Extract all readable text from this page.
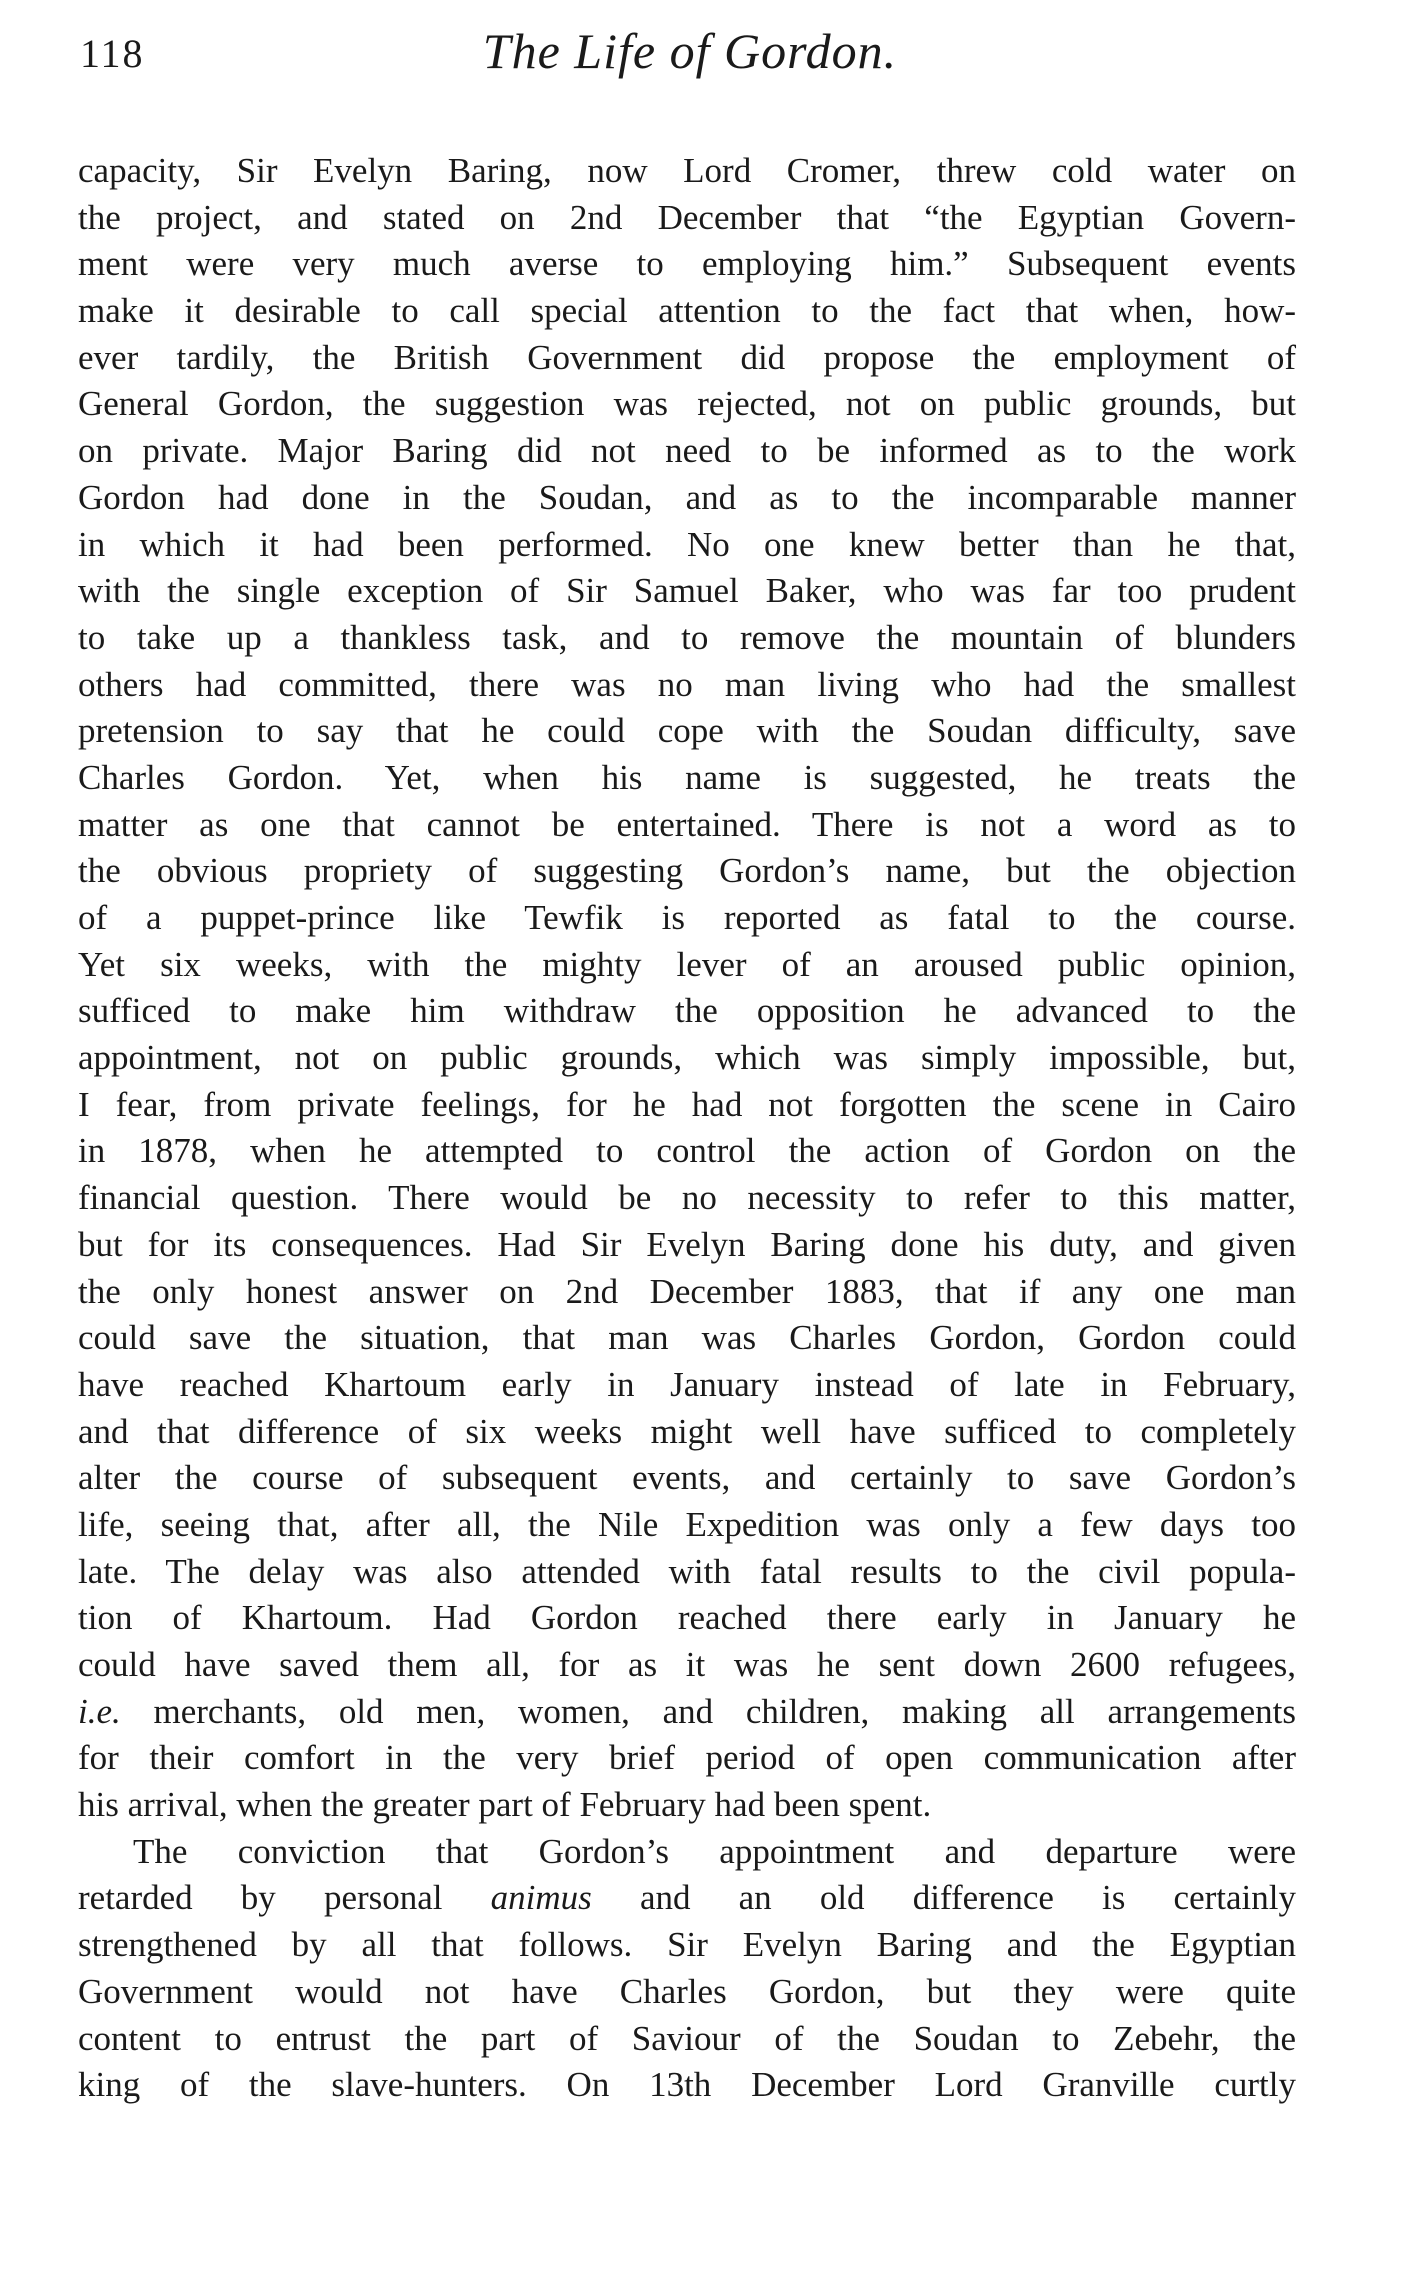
118	The Life of Gordon.
capacity, Sir Evelyn Baring, now Lord Cromer, threw cold water on
the project, and stated on 2nd December that “the Egyptian Govern-
ment were very much averse to employing him.” Subsequent events
make it desirable to call special attention to the fact that when, how-
ever tardily, the British Government did propose the employment of
General Gordon, the suggestion was rejected, not on public grounds, but
on private. Major Baring did not need to be informed as to the work
Gordon had done in the Soudan, and as to the incomparable manner
in which it had been performed. No one knew better than he that,
with the single exception of Sir Samuel Baker, who was far too prudent
to take up a thankless task, and to remove the mountain of blunders
others had committed, there was no man living who had the smallest
pretension to say that he could cope with the Soudan difficulty, save
Charles Gordon. Yet, when his name is suggested, he treats the
matter as one that cannot be entertained. There is not a word as to
the obvious propriety of suggesting Gordon’s name, but the objection
of a puppet-prince like Tewfik is reported as fatal to the course.
Yet six weeks, with the mighty lever of an aroused public opinion,
sufficed to make him withdraw the opposition he advanced to the
appointment, not on public grounds, which was simply impossible, but,
I fear, from private feelings, for he had not forgotten the scene in Cairo
in 1878, when he attempted to control the action of Gordon on the
financial question. There would be no necessity to refer to this matter,
but for its consequences. Had Sir Evelyn Baring done his duty, and given
the only honest answer on 2nd December 1883, that if any one man
could save the situation, that man was Charles Gordon, Gordon could
have reached Khartoum early in January instead of late in February,
and that difference of six weeks might well have sufficed to completely
alter the course of subsequent events, and certainly to save Gordon’s
life, seeing that, after all, the Nile Expedition was only a few days too
late. The delay was also attended with fatal results to the civil popula-
tion of Khartoum. Had Gordon reached there early in January he
could have saved them all, for as it was he sent down 2600 refugees,
i.e. merchants, old men, women, and children, making all arrangements
for their comfort in the very brief period of open communication after
his arrival, when the greater part of February had been spent.
The conviction that Gordon’s appointment and departure were
retarded by personal animus and an old difference is certainly
strengthened by all that follows. Sir Evelyn Baring and the Egyptian
Government would not have Charles Gordon, but they were quite
content to entrust the part of Saviour of the Soudan to Zebehr, the
king of the slave-hunters. On 13th December Lord Granville curtly
